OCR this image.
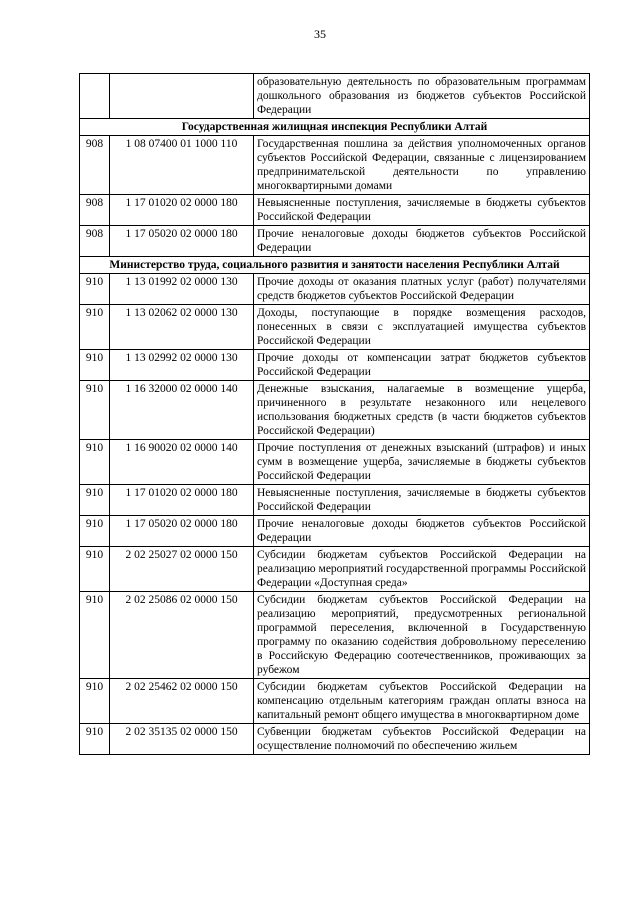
35
		образовательную деятельность по образовательным программам дошкольного образования из бюджетов субъектов Российской Федерации
Государственная жилищная инспекция Республики Алтай		
908	1 08 07400 01 1000 110	Государственная пошлина за действия уполномоченных органов субъектов Российской Федерации, связанные с лицензированием предпринимательской деятельности по управлению многоквартирными домами
908	1 17 01020 02 0000 180	Невыясненные поступления, зачисляемые в бюджеты субъектов Российской Федерации
908	1 17 05020 02 0000 180	Прочие неналоговые доходы бюджетов субъектов Российской Федерации
Министерство труда, социального развития и занятости населения Республики Алтай		
910	1 13 01992 02 0000 130	Прочие доходы от оказания платных услуг (работ) получателями средств бюджетов субъектов Российской Федерации
910	1 13 02062 02 0000 130	Доходы, поступающие в порядке возмещения расходов, понесенных в связи с эксплуатацией имущества субъектов Российской Федерации
910	1 13 02992 02 0000 130	Прочие доходы от компенсации затрат бюджетов субъектов Российской Федерации
910	1 16 32000 02 0000 140	Денежные взыскания, налагаемые в возмещение ущерба, причиненного в результате незаконного или нецелевого использования бюджетных средств (в части бюджетов субъектов Российской Федерации)
910	1 16 90020 02 0000 140	Прочие поступления от денежных взысканий (штрафов) и иных сумм в возмещение ущерба, зачисляемые в бюджеты субъектов Российской Федерации
910	1 17 01020 02 0000 180	Невыясненные поступления, зачисляемые в бюджеты субъектов Российской Федерации
910	1 17 05020 02 0000 180	Прочие неналоговые доходы бюджетов субъектов Российской Федерации
910	2 02 25027 02 0000 150	Субсидии бюджетам субъектов Российской Федерации на реализацию мероприятий государственной программы Российской Федерации «Доступная среда»
910	2 02 25086 02 0000 150	Субсидии бюджетам субъектов Российской Федерации на реализацию мероприятий, предусмотренных региональной программой переселения, включенной в Государственную программу по оказанию содействия добровольному переселению в Российскую Федерацию соотечественников, проживающих за рубежом
910	2 02 25462 02 0000 150	Субсидии бюджетам субъектов Российской Федерации на компенсацию отдельным категориям граждан оплаты взноса на капитальный ремонт общего имущества в многоквартирном доме
910	2 02 35135 02 0000 150	Субвенции бюджетам субъектов Российской Федерации на осуществление полномочий по обеспечению жильем
